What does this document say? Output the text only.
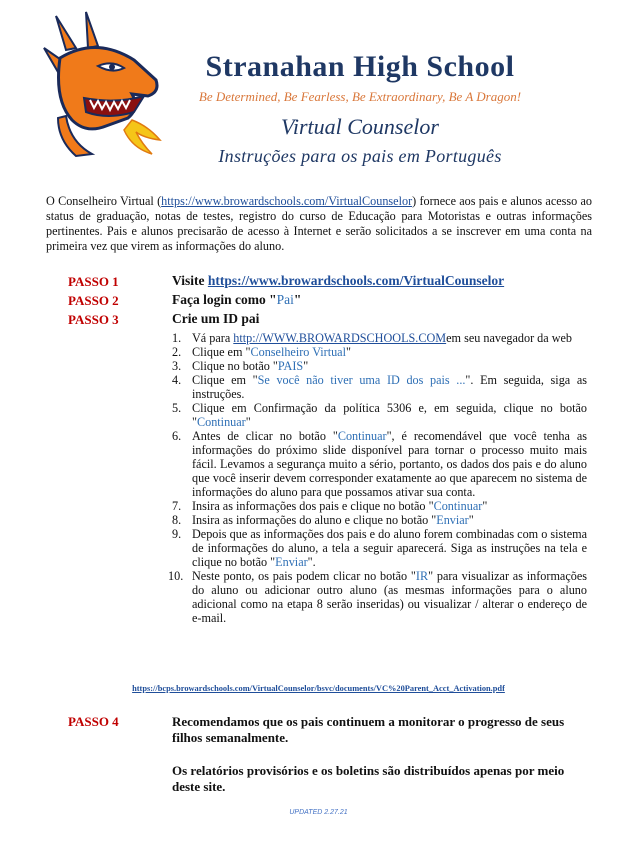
Stranahan High School
Be Determined, Be Fearless, Be Extraordinary, Be A Dragon!
Virtual Counselor
Instruções para os pais em Português
O Conselheiro Virtual (https://www.browardschools.com/VirtualCounselor) fornece aos pais e alunos acesso ao status de graduação, notas de testes, registro do curso de Educação para Motoristas e outras informações pertinentes. Pais e alunos precisarão de acesso à Internet e serão solicitados a se inscrever em uma conta na primeira vez que virem as informações do aluno.
PASSO 1	Visite https://www.browardschools.com/VirtualCounselor
PASSO 2	Faça login como "Pai"
PASSO 3	Crie um ID pai
1. Vá para http://WWW.BROWARDSCHOOLS.COMem seu navegador da web
2. Clique em "Conselheiro Virtual"
3. Clique no botão "PAIS"
4. Clique em "Se você não tiver uma ID dos pais ...". Em seguida, siga as instruções.
5. Clique em Confirmação da política 5306 e, em seguida, clique no botão "Continuar"
6. Antes de clicar no botão "Continuar", é recomendável que você tenha as informações do próximo slide disponível para tornar o processo muito mais fácil. Levamos a segurança muito a sério, portanto, os dados dos pais e do aluno que você inserir devem corresponder exatamente ao que aparecem no sistema de informações do aluno para que possamos ativar sua conta.
7. Insira as informações dos pais e clique no botão "Continuar"
8. Insira as informações do aluno e clique no botão "Enviar"
9. Depois que as informações dos pais e do aluno forem combinadas com o sistema de informações do aluno, a tela a seguir aparecerá. Siga as instruções na tela e clique no botão "Enviar".
10. Neste ponto, os pais podem clicar no botão "IR" para visualizar as informações do aluno ou adicionar outro aluno (as mesmas informações para o aluno adicional como na etapa 8 serão inseridas) ou visualizar / alterar o endereço de e-mail.
https://bcps.browardschools.com/VirtualCounselor/bsvc/documents/VC%20Parent_Acct_Activation.pdf
PASSO 4	Recomendamos que os pais continuem a monitorar o progresso de seus filhos semanalmente.
Os relatórios provisórios e os boletins são distribuídos apenas por meio deste site.
UPDATED 2.27.21
